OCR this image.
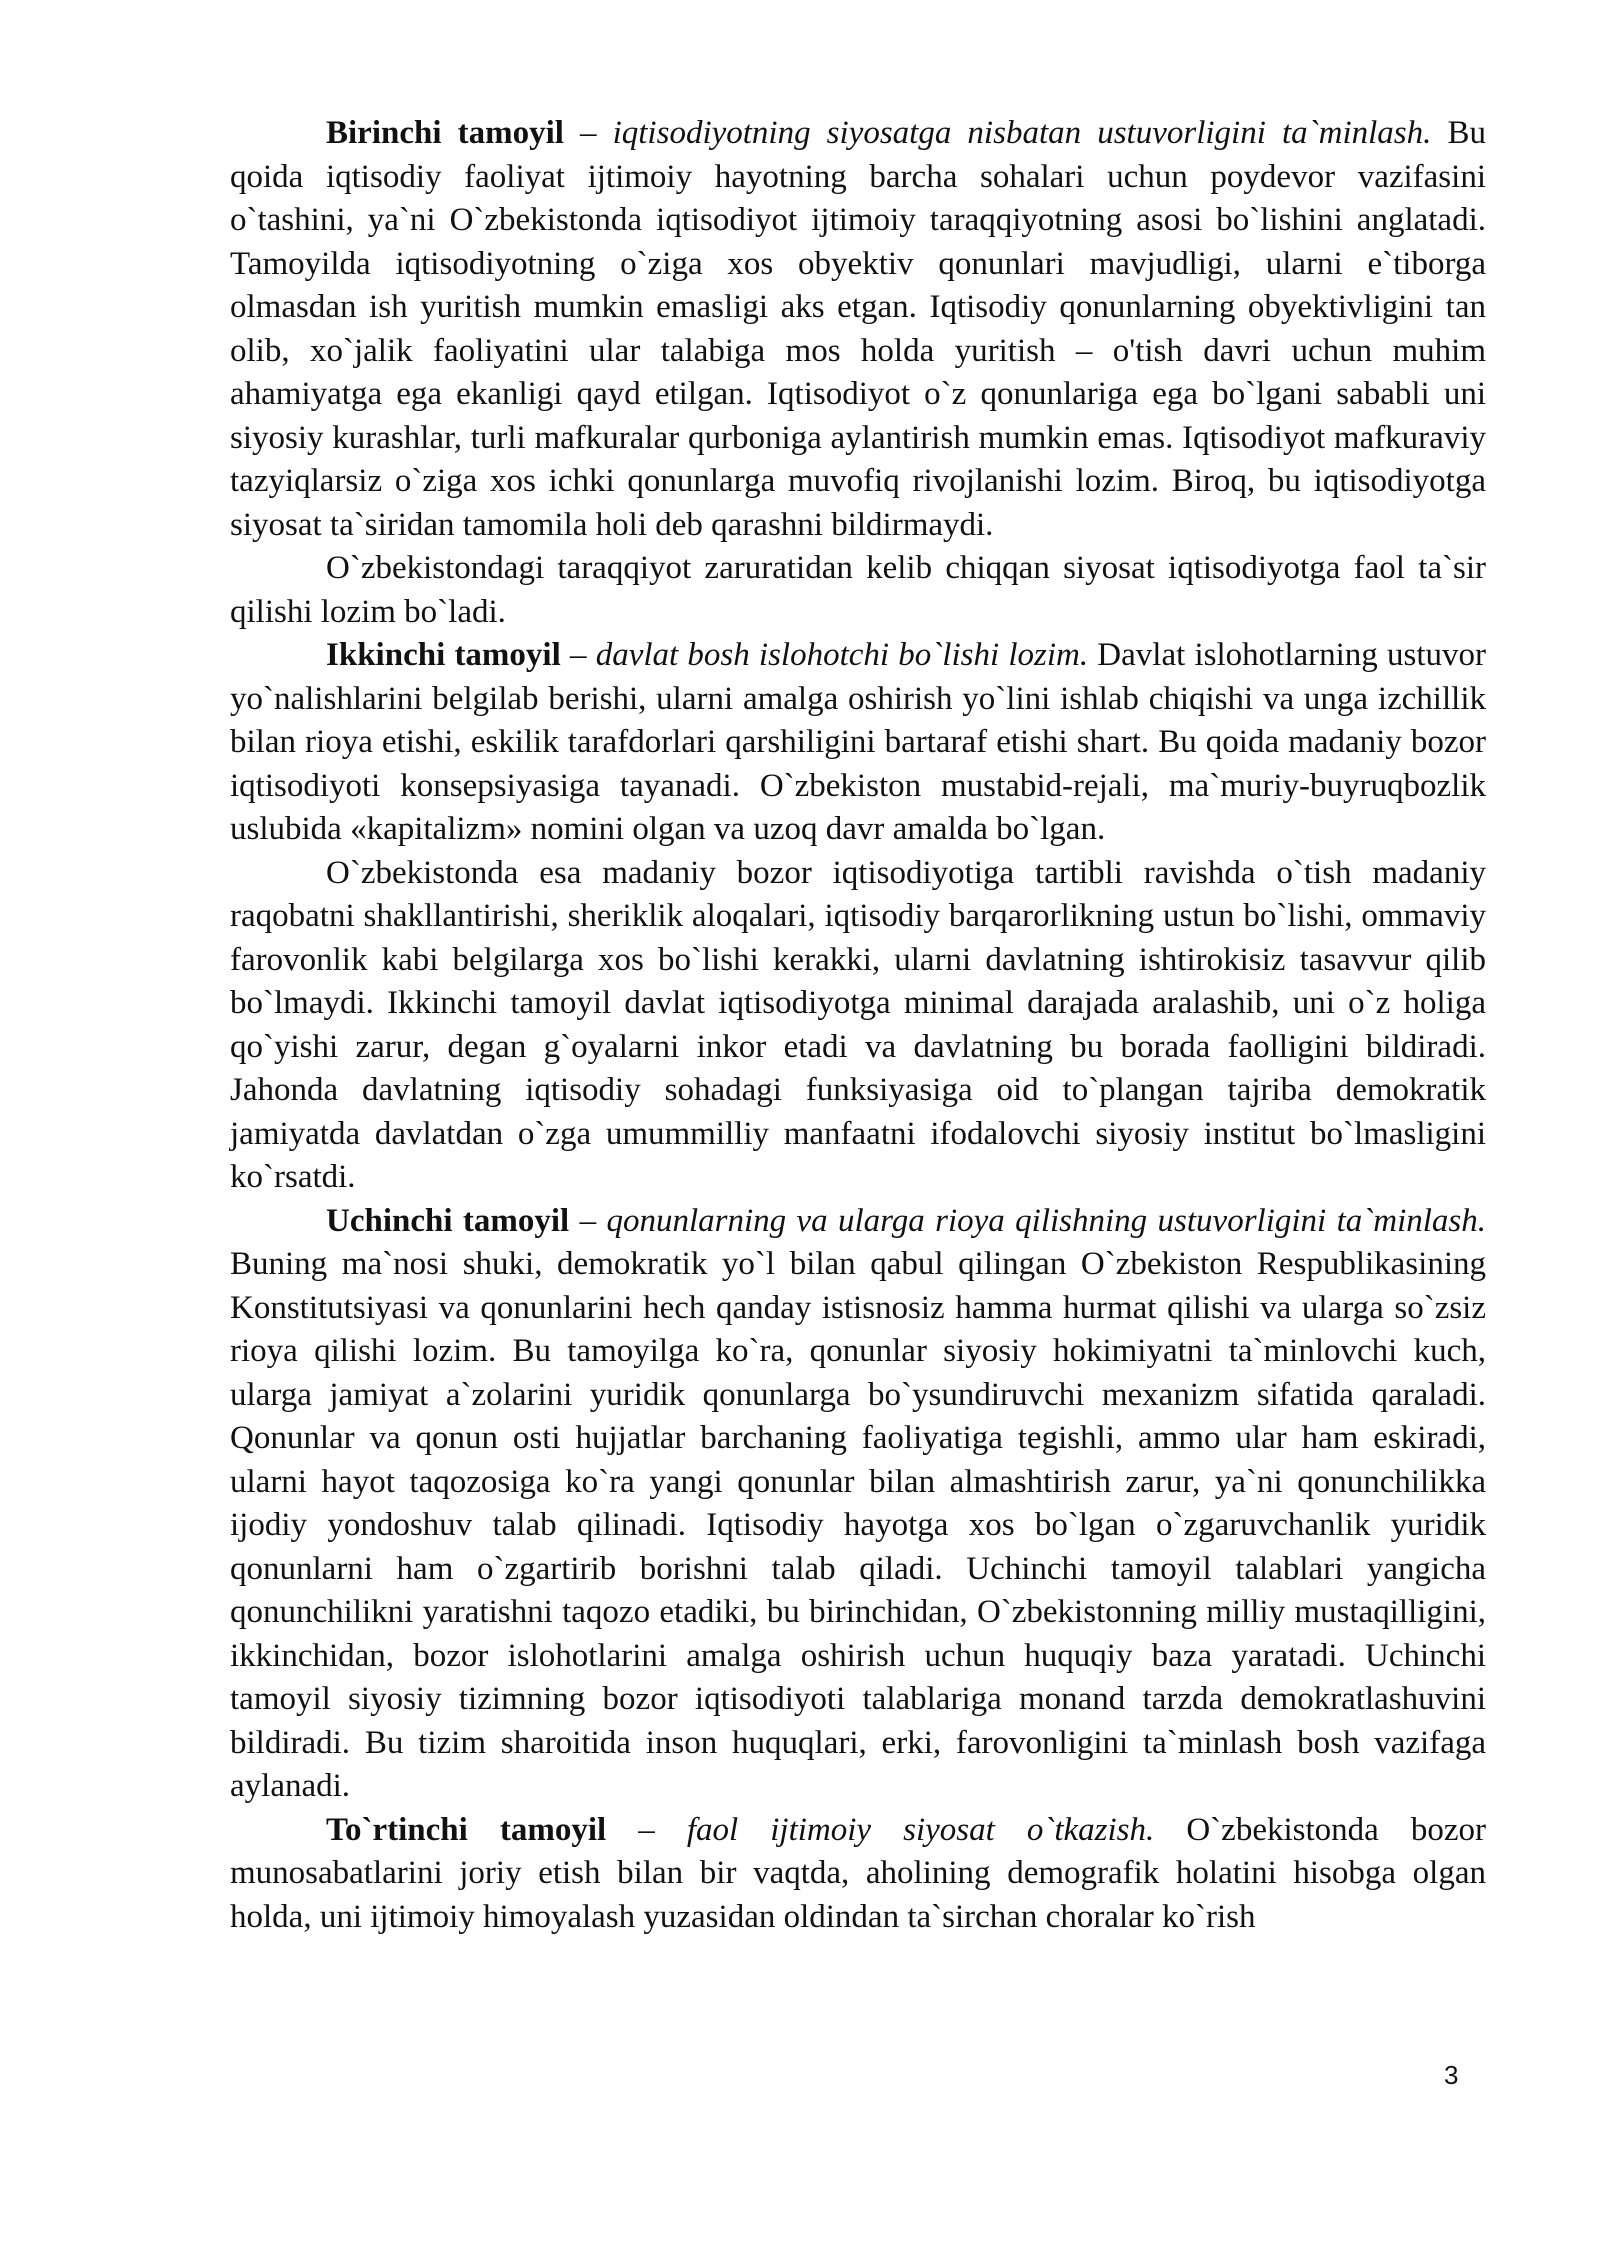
Birinchi tamoyil – iqtisodiyotning siyosatga nisbatan ustuvorligini ta`minlash. Bu qoida iqtisodiy faoliyat ijtimoiy hayotning barcha sohalari uchun poydevor vazifasini o`tashini, ya`ni O`zbekistonda iqtisodiyot ijtimoiy taraqqiyotning asosi bo`lishini anglatadi. Tamoyilda iqtisodiyotning o`ziga xos obyektiv qonunlari mavjudligi, ularni e`tiborga olmasdan ish yuritish mumkin emasligi aks etgan. Iqtisodiy qonunlarning obyektivligini tan olib, xo`jalik faoliyatini ular talabiga mos holda yuritish – o'tish davri uchun muhim ahamiyatga ega ekanligi qayd etilgan. Iqtisodiyot o`z qonunlariga ega bo`lgani sababli uni siyosiy kurashlar, turli mafkuralar qurboniga aylantirish mumkin emas. Iqtisodiyot mafkuraviy tazyiqlarsiz o`ziga xos ichki qonunlarga muvofiq rivojlanishi lozim. Biroq, bu iqtisodiyotga siyosat ta`siridan tamomila holi deb qarashni bildirmaydi.

O`zbekistondagi taraqqiyot zaruratidan kelib chiqqan siyosat iqtisodiyotga faol ta`sir qilishi lozim bo`ladi.

Ikkinchi tamoyil – davlat bosh islohotchi bo`lishi lozim. Davlat islohotlarning ustuvor yo`nalishlarini belgilab berishi, ularni amalga oshirish yo`lini ishlab chiqishi va unga izchillik bilan rioya etishi, eskilik tarafdorlari qarshiligini bartaraf etishi shart. Bu qoida madaniy bozor iqtisodiyoti konsepsiyasiga tayanadi. O`zbekiston mustabid-rejali, ma`muriy-buyruqbozlik uslubida «kapitalizm» nomini olgan va uzoq davr amalda bo`lgan.

O`zbekistonda esa madaniy bozor iqtisodiyotiga tartibli ravishda o`tish madaniy raqobatni shakllantirishi, sheriklik aloqalari, iqtisodiy barqarorlikning ustun bo`lishi, ommaviy farovonlik kabi belgilarga xos bo`lishi kerakki, ularni davlatning ishtirokisiz tasavvur qilib bo`lmaydi. Ikkinchi tamoyil davlat iqtisodiyotga minimal darajada aralashib, uni o`z holiga qo`yishi zarur, degan g`oyalarni inkor etadi va davlatning bu borada faolligini bildiradi. Jahonda davlatning iqtisodiy sohadagi funksiyasiga oid to`plangan tajriba demokratik jamiyatda davlatdan o`zga umummilliy manfaatni ifodalovchi siyosiy institut bo`lmasligini ko`rsatdi.

Uchinchi tamoyil – qonunlarning va ularga rioya qilishning ustuvorligini ta`minlash. Buning ma`nosi shuki, demokratik yo`l bilan qabul qilingan O`zbekiston Respublikasining Konstitutsiyasi va qonunlarini hech qanday istisnosiz hamma hurmat qilishi va ularga so`zsiz rioya qilishi lozim. Bu tamoyilga ko`ra, qonunlar siyosiy hokimiyatni ta`minlovchi kuch, ularga jamiyat a`zolarini yuridik qonunlarga bo`ysundiruvchi mexanizm sifatida qaraladi. Qonunlar va qonun osti hujjatlar barchaning faoliyatiga tegishli, ammo ular ham eskiradi, ularni hayot taqozosiga ko`ra yangi qonunlar bilan almashtirish zarur, ya`ni qonunchilikka ijodiy yondoshuv talab qilinadi. Iqtisodiy hayotga xos bo`lgan o`zgaruvchanlik yuridik qonunlarni ham o`zgartirib borishni talab qiladi. Uchinchi tamoyil talablari yangicha qonunchilikni yaratishni taqozo etadiki, bu birinchidan, O`zbekistonning milliy mustaqilligini, ikkinchidan, bozor islohotlarini amalga oshirish uchun huquqiy baza yaratadi. Uchinchi tamoyil siyosiy tizimning bozor iqtisodiyoti talablariga monand tarzda demokratlashuvini bildiradi. Bu tizim sharoitida inson huquqlari, erki, farovonligini ta`minlash bosh vazifaga aylanadi.

To`rtinchi tamoyil – faol ijtimoiy siyosat o`tkazish. O`zbekistonda bozor munosabatlarini joriy etish bilan bir vaqtda, aholining demografik holatini hisobga olgan holda, uni ijtimoiy himoyalash yuzasidan oldindan ta`sirchan choralar ko`rish

3
